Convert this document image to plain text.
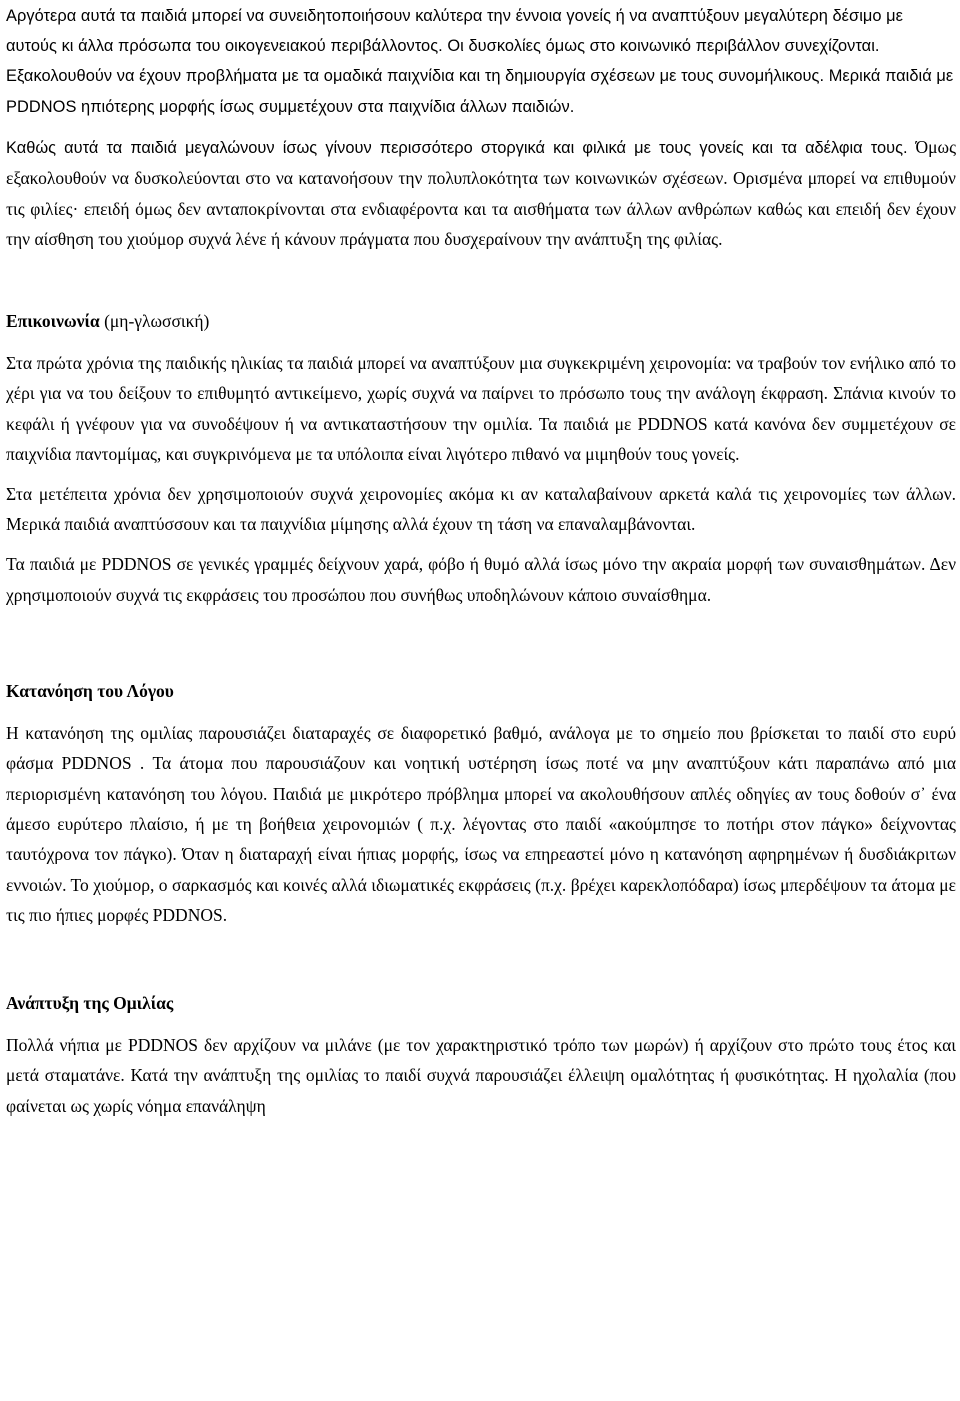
Αργότερα αυτά τα παιδιά μπορεί να συνειδητοποιήσουν καλύτερα την έννοια γονείς ή να αναπτύξουν μεγαλύτερη δέσιμο με αυτούς κι άλλα πρόσωπα του οικογενειακού περιβάλλοντος. Οι δυσκολίες όμως στο κοινωνικό περιβάλλον συνεχίζονται. Εξακολουθούν να έχουν προβλήματα με τα ομαδικά παιχνίδια και τη δημιουργία σχέσεων με τους συνομήλικους. Μερικά παιδιά με PDDNOS ηπιότερης μορφής ίσως συμμετέχουν στα παιχνίδια άλλων παιδιών.

Καθώς αυτά τα παιδιά μεγαλώνουν ίσως γίνουν περισσότερο στοργικά και φιλικά με τους γονείς και τα αδέλφια τους. Όμως εξακολουθούν να δυσκολεύονται στο να κατανοήσουν την πολυπλοκότητα των κοινωνικών σχέσεων. Ορισμένα μπορεί να επιθυμούν τις φιλίες· επειδή όμως δεν ανταποκρίνονται στα ενδιαφέροντα και τα αισθήματα των άλλων ανθρώπων καθώς και επειδή δεν έχουν την αίσθηση του χιούμορ συχνά λένε ή κάνουν πράγματα που δυσχεραίνουν την ανάπτυξη της φιλίας.

Επικοινωνία (μη-γλωσσική)

Στα πρώτα χρόνια της παιδικής ηλικίας τα παιδιά μπορεί να αναπτύξουν μια συγκεκριμένη χειρονομία: να τραβούν τον ενήλικο από το χέρι για να του δείξουν το επιθυμητό αντικείμενο, χωρίς συχνά να παίρνει το πρόσωπο τους την ανάλογη έκφραση. Σπάνια κινούν το κεφάλι ή γνέφουν για να συνοδέψουν ή να αντικαταστήσουν την ομιλία. Τα παιδιά με PDDNOS κατά κανόνα δεν συμμετέχουν σε παιχνίδια παντομίμας, και συγκρινόμενα με τα υπόλοιπα είναι λιγότερο πιθανό να μιμηθούν τους γονείς.

Στα μετέπειτα χρόνια δεν χρησιμοποιούν συχνά χειρονομίες ακόμα κι αν καταλαβαίνουν αρκετά καλά τις χειρονομίες των άλλων. Μερικά παιδιά αναπτύσσουν και τα παιχνίδια μίμησης αλλά έχουν τη τάση να επαναλαμβάνονται.

Τα παιδιά με PDDNOS σε γενικές γραμμές δείχνουν χαρά, φόβο ή θυμό αλλά ίσως μόνο την ακραία μορφή των συναισθημάτων. Δεν χρησιμοποιούν συχνά τις εκφράσεις του προσώπου που συνήθως υποδηλώνουν κάποιο συναίσθημα.

Κατανόηση του Λόγου

Η κατανόηση της ομιλίας παρουσιάζει διαταραχές σε διαφορετικό βαθμό, ανάλογα με το σημείο που βρίσκεται το παιδί στο ευρύ φάσμα PDDNOS . Τα άτομα που παρουσιάζουν και νοητική υστέρηση ίσως ποτέ να μην αναπτύξουν κάτι παραπάνω από μια περιορισμένη κατανόηση του λόγου. Παιδιά με μικρότερο πρόβλημα μπορεί να ακολουθήσουν απλές οδηγίες αν τους δοθούν σ᾽ ένα άμεσο ευρύτερο πλαίσιο, ή με τη βοήθεια χειρονομιών ( π.χ. λέγοντας στο παιδί «ακούμπησε το ποτήρι στον πάγκο» δείχνοντας ταυτόχρονα τον πάγκο). Όταν η διαταραχή είναι ήπιας μορφής, ίσως να επηρεαστεί μόνο η κατανόηση αφηρημένων ή δυσδιάκριτων εννοιών. Το χιούμορ, ο σαρκασμός και κοινές αλλά ιδιωματικές εκφράσεις (π.χ. βρέχει καρεκλοπόδαρα) ίσως μπερδέψουν τα άτομα με τις πιο ήπιες μορφές PDDNOS.

Ανάπτυξη της Ομιλίας

Πολλά νήπια με PDDNOS δεν αρχίζουν να μιλάνε (με τον χαρακτηριστικό τρόπο των μωρών) ή αρχίζουν στο πρώτο τους έτος και μετά σταματάνε. Κατά την ανάπτυξη της ομιλίας το παιδί συχνά παρουσιάζει έλλειψη ομαλότητας ή φυσικότητας. Η ηχολαλία (που φαίνεται ως χωρίς νόημα επανάληψη
